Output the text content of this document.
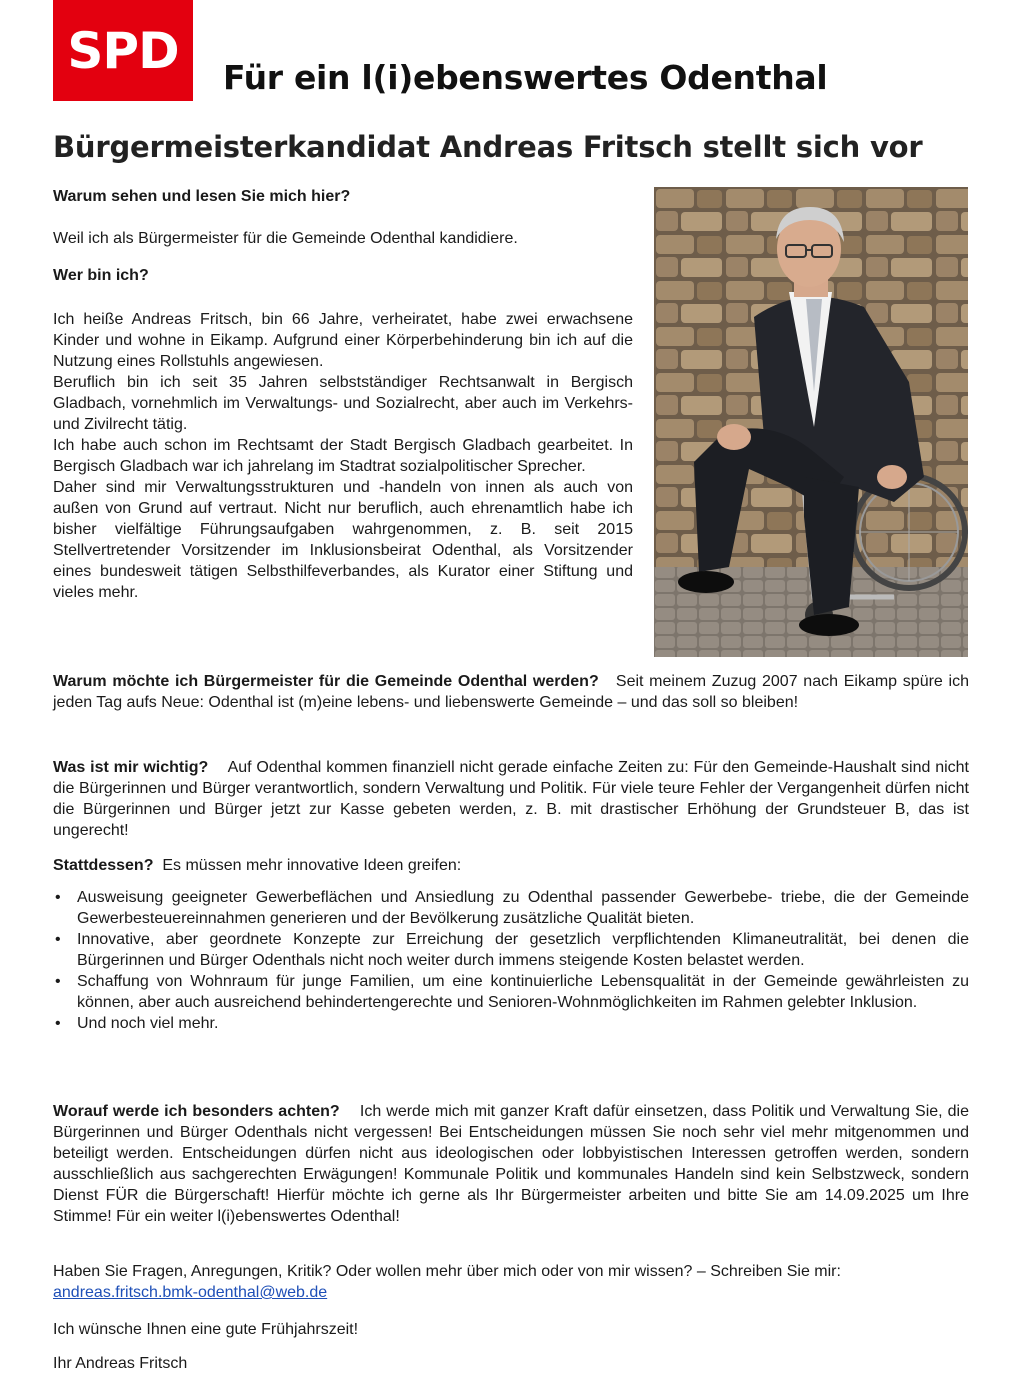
SPD	Für ein l(i)ebenswertes Odenthal
Bürgermeisterkandidat Andreas Fritsch stellt sich vor

Warum sehen und lesen Sie mich hier?

Weil ich als Bürgermeister für die Gemeinde Odenthal kandidiere.

Wer bin ich?

Ich heiße Andreas Fritsch, bin 66 Jahre, verheiratet, habe zwei erwachsene Kinder und wohne in Eikamp. Aufgrund einer Körperbehinderung bin ich auf die Nutzung eines Rollstuhls angewiesen.

Beruflich bin ich seit 35 Jahren selbstständiger Rechtsanwalt in Bergisch Gladbach, vornehmlich im Verwaltungs- und Sozialrecht, aber auch im Verkehrs- und Zivilrecht tätig.

Ich habe auch schon im Rechtsamt der Stadt Bergisch Gladbach gearbeitet. In Bergisch Gladbach war ich jahrelang im Stadtrat sozialpolitischer Sprecher.

Daher sind mir Verwaltungsstrukturen und -handeln von innen als auch von außen von Grund auf vertraut. Nicht nur beruflich, auch ehrenamtlich habe ich bisher vielfältige Führungsaufgaben wahrgenommen, z. B. seit 2015 Stellvertretender Vorsitzender im Inklusionsbeirat Odenthal, als Vorsitzender eines bundesweit tätigen Selbsthilfeverbandes, als Kurator einer Stiftung und vieles mehr.

Warum möchte ich Bürgermeister für die Gemeinde Odenthal werden? Seit meinem Zuzug 2007 nach Eikamp spüre ich jeden Tag aufs Neue: Odenthal ist (m)eine lebens- und liebenswerte Gemeinde – und das soll so bleiben!

Was ist mir wichtig? Auf Odenthal kommen finanziell nicht gerade einfache Zeiten zu: Für den Gemeinde-Haushalt sind nicht die Bürgerinnen und Bürger verantwortlich, sondern Verwaltung und Politik. Für viele teure Fehler der Vergangenheit dürfen nicht die Bürgerinnen und Bürger jetzt zur Kasse gebeten werden, z. B. mit drastischer Erhöhung der Grundsteuer B, das ist ungerecht!

Stattdessen? Es müssen mehr innovative Ideen greifen:

• Ausweisung geeigneter Gewerbeflächen und Ansiedlung zu Odenthal passender Gewerbebe- triebe, die der Gemeinde Gewerbesteuereinnahmen generieren und der Bevölkerung zusätzliche Qualität bieten.
• Innovative, aber geordnete Konzepte zur Erreichung der gesetzlich verpflichtenden Klimaneutralität, bei denen die Bürgerinnen und Bürger Odenthals nicht noch weiter durch immens steigende Kosten belastet werden.
• Schaffung von Wohnraum für junge Familien, um eine kontinuierliche Lebensqualität in der Gemeinde gewährleisten zu können, aber auch ausreichend behindertengerechte und Senioren-Wohnmöglichkeiten im Rahmen gelebter Inklusion.
• Und noch viel mehr.

Worauf werde ich besonders achten? Ich werde mich mit ganzer Kraft dafür einsetzen, dass Politik und Verwaltung Sie, die Bürgerinnen und Bürger Odenthals nicht vergessen! Bei Entscheidungen müssen Sie noch sehr viel mehr mitgenommen und beteiligt werden. Entscheidungen dürfen nicht aus ideologischen oder lobbyistischen Interessen getroffen werden, sondern ausschließlich aus sachgerechten Erwägungen! Kommunale Politik und kommunales Handeln sind kein Selbstzweck, sondern Dienst FÜR die Bürgerschaft! Hierfür möchte ich gerne als Ihr Bürgermeister arbeiten und bitte Sie am 14.09.2025 um Ihre Stimme! Für ein weiter l(i)ebenswertes Odenthal!

Haben Sie Fragen, Anregungen, Kritik? Oder wollen mehr über mich oder von mir wissen? – Schreiben Sie mir:
andreas.fritsch.bmk-odenthal@web.de

Ich wünsche Ihnen eine gute Frühjahrszeit!

Ihr Andreas Fritsch
